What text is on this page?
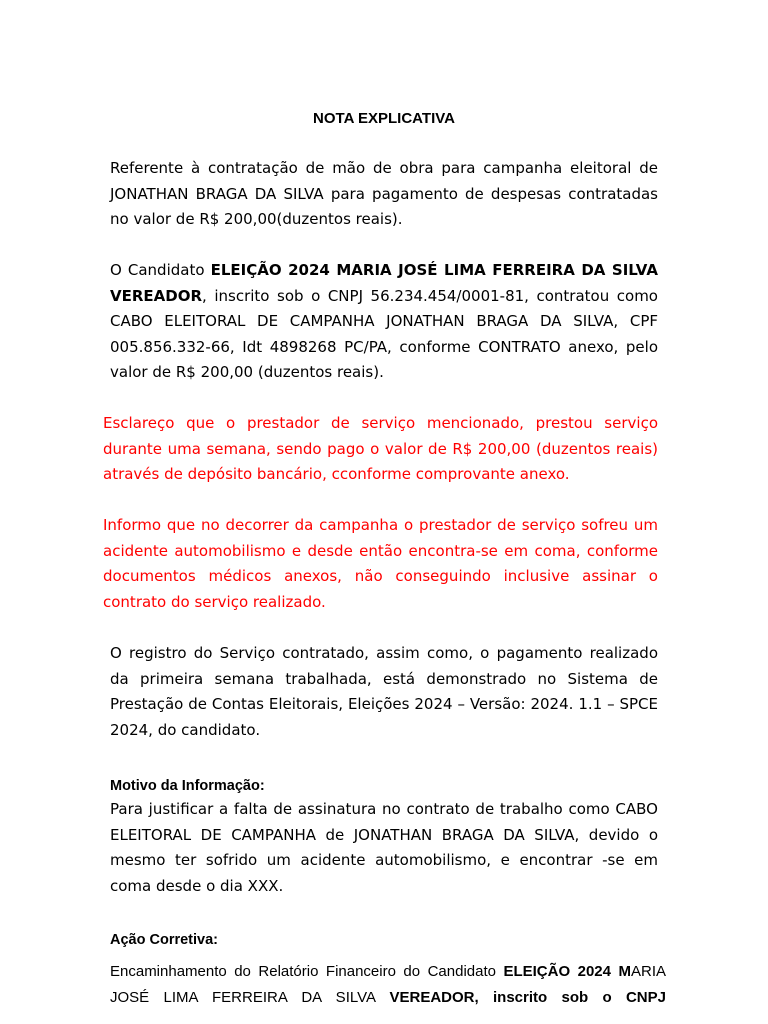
NOTA EXPLICATIVA

Referente à contratação de mão de obra para campanha eleitoral de JONATHAN BRAGA DA SILVA para pagamento de despesas contratadas no valor de R$ 200,00(duzentos reais).

O Candidato ELEIÇÃO 2024 MARIA JOSÉ LIMA FERREIRA DA SILVA VEREADOR, inscrito sob o CNPJ 56.234.454/0001-81, contratou como CABO ELEITORAL DE CAMPANHA JONATHAN BRAGA DA SILVA, CPF 005.856.332-66, Idt 4898268 PC/PA, conforme CONTRATO anexo, pelo valor de R$ 200,00 (duzentos reais).

Esclareço que o prestador de serviço mencionado, prestou serviço durante uma semana, sendo pago o valor de R$ 200,00 (duzentos reais) através de depósito bancário, cconforme comprovante anexo.

Informo que no decorrer da campanha o prestador de serviço sofreu um acidente automobilismo e desde então encontra-se em coma, conforme documentos médicos anexos, não conseguindo inclusive assinar o contrato do serviço realizado.

O registro do Serviço contratado, assim como, o pagamento realizado da primeira semana trabalhada, está demonstrado no Sistema de Prestação de Contas Eleitorais, Eleições 2024 – Versão: 2024. 1.1 – SPCE 2024, do candidato.

Motivo da Informação:

Para justificar a falta de assinatura no contrato de trabalho como CABO ELEITORAL DE CAMPANHA de JONATHAN BRAGA DA SILVA, devido o mesmo ter sofrido um acidente automobilismo, e encontrar -se em coma desde o dia XXX.

Ação Corretiva:

Encaminhamento do Relatório Financeiro do Candidato ELEIÇÃO 2024 MARIA JOSÉ LIMA FERREIRA DA SILVA VEREADOR, inscrito sob o CNPJ
